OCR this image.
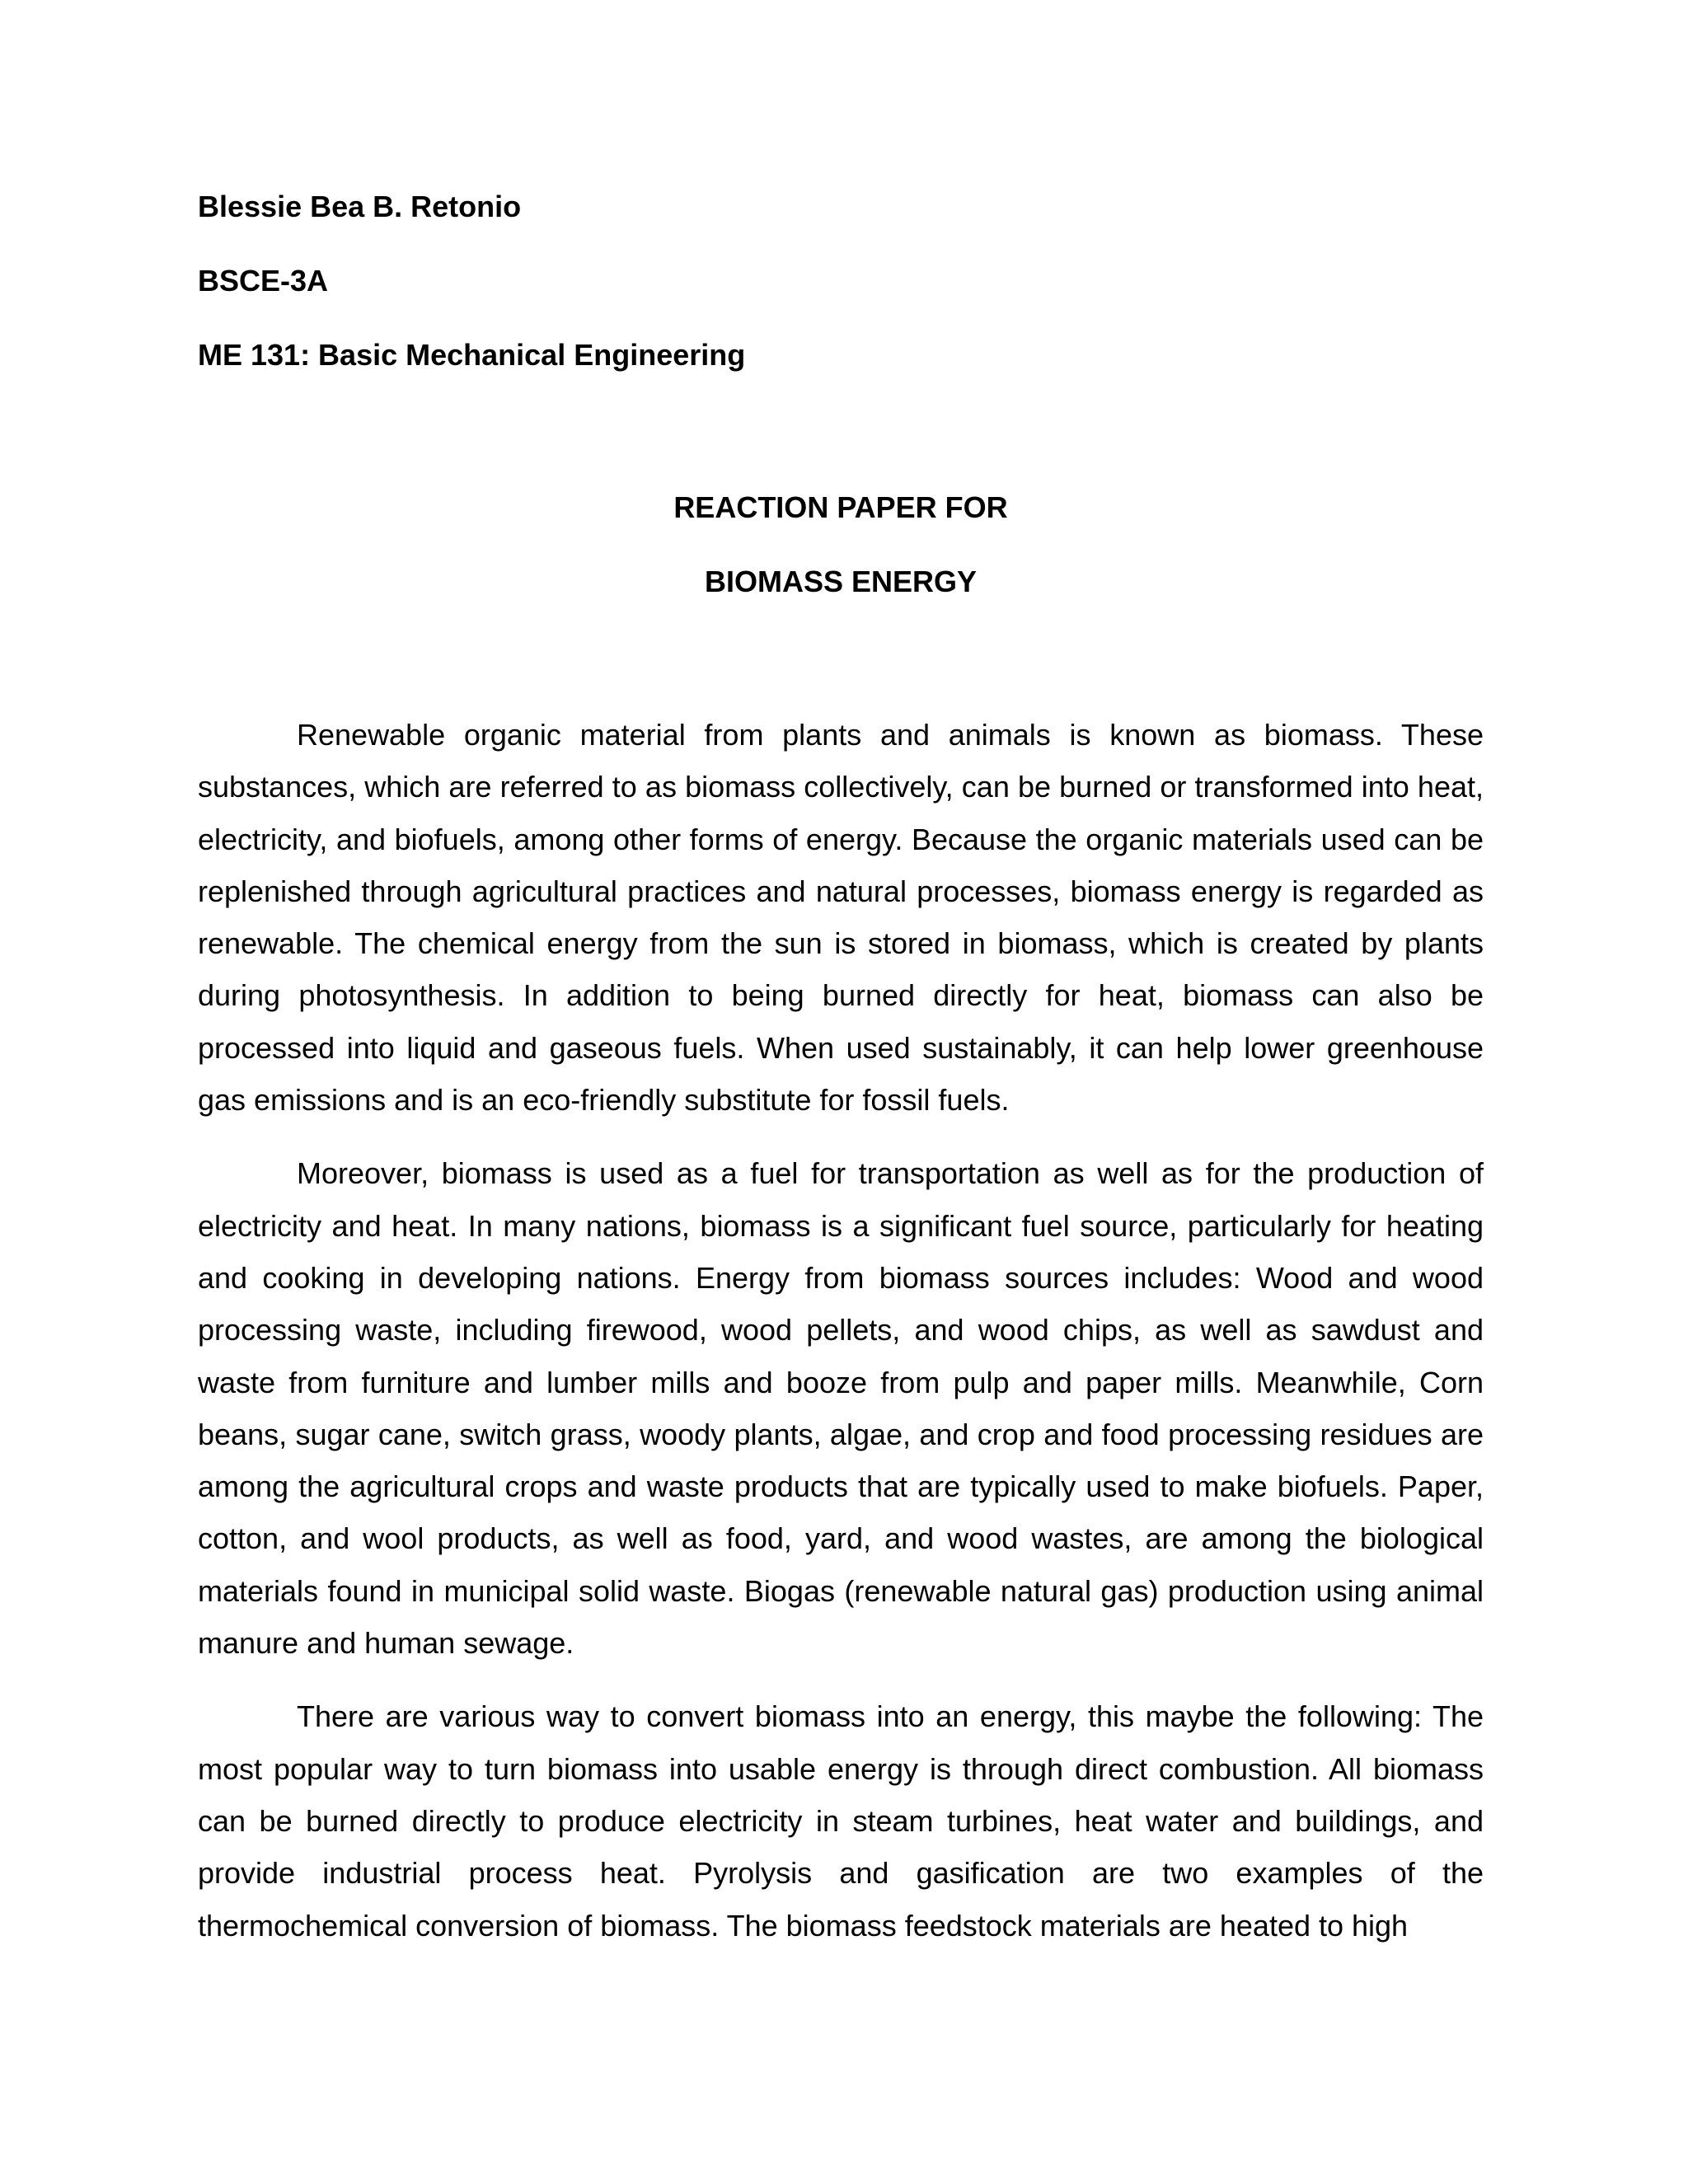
Blessie Bea B. Retonio
BSCE-3A
ME 131: Basic Mechanical Engineering
REACTION PAPER FOR
BIOMASS ENERGY

Renewable organic material from plants and animals is known as biomass. These substances, which are referred to as biomass collectively, can be burned or transformed into heat, electricity, and biofuels, among other forms of energy. Because the organic materials used can be replenished through agricultural practices and natural processes, biomass energy is regarded as renewable. The chemical energy from the sun is stored in biomass, which is created by plants during photosynthesis. In addition to being burned directly for heat, biomass can also be processed into liquid and gaseous fuels. When used sustainably, it can help lower greenhouse gas emissions and is an eco-friendly substitute for fossil fuels.

Moreover, biomass is used as a fuel for transportation as well as for the production of electricity and heat. In many nations, biomass is a significant fuel source, particularly for heating and cooking in developing nations. Energy from biomass sources includes: Wood and wood processing waste, including firewood, wood pellets, and wood chips, as well as sawdust and waste from furniture and lumber mills and booze from pulp and paper mills. Meanwhile, Corn beans, sugar cane, switch grass, woody plants, algae, and crop and food processing residues are among the agricultural crops and waste products that are typically used to make biofuels. Paper, cotton, and wool products, as well as food, yard, and wood wastes, are among the biological materials found in municipal solid waste. Biogas (renewable natural gas) production using animal manure and human sewage.

There are various way to convert biomass into an energy, this maybe the following: The most popular way to turn biomass into usable energy is through direct combustion. All biomass can be burned directly to produce electricity in steam turbines, heat water and buildings, and provide industrial process heat. Pyrolysis and gasification are two examples of the thermochemical conversion of biomass. The biomass feedstock materials are heated to high
